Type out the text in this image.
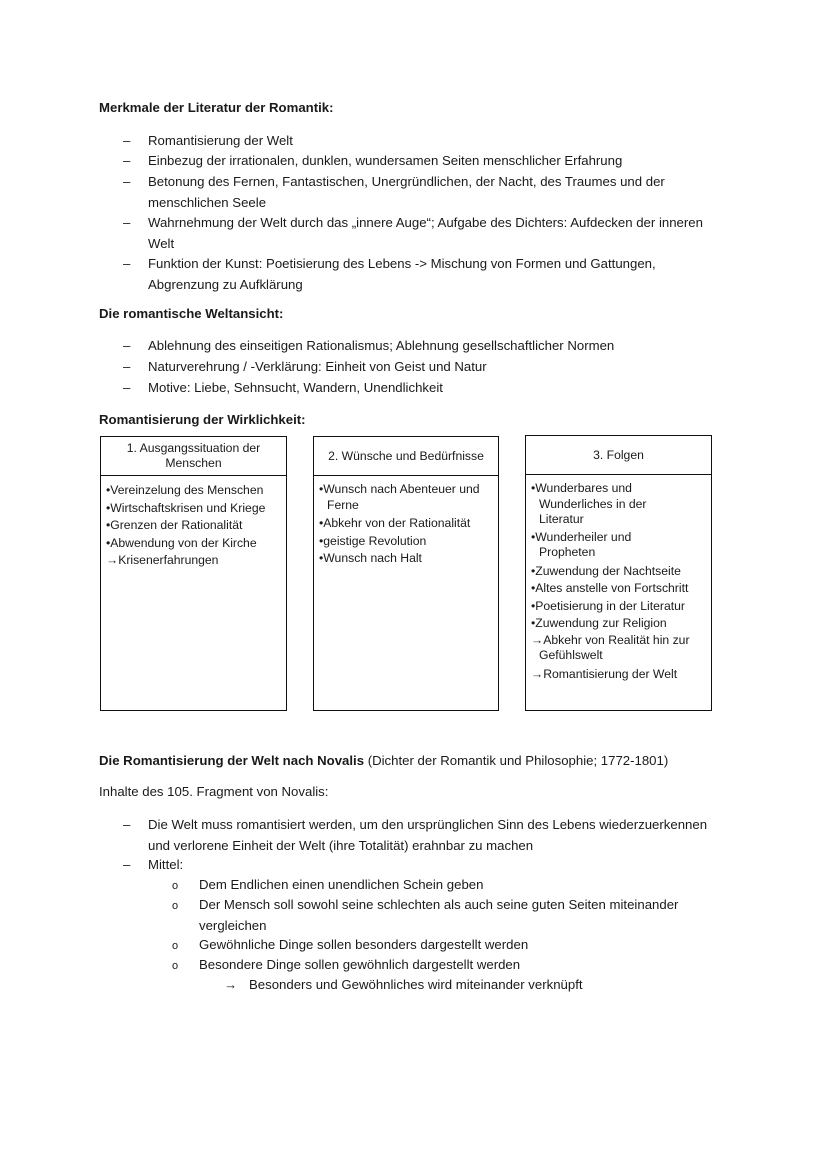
Merkmale der Literatur der Romantik:
– Romantisierung der Welt
– Einbezug der irrationalen, dunklen, wundersamen Seiten menschlicher Erfahrung
– Betonung des Fernen, Fantastischen, Unergründlichen, der Nacht, des Traumes und der menschlichen Seele
– Wahrnehmung der Welt durch das „innere Auge“; Aufgabe des Dichters: Aufdecken der inneren Welt
– Funktion der Kunst: Poetisierung des Lebens -> Mischung von Formen und Gattungen, Abgrenzung zu Aufklärung
Die romantische Weltansicht:
– Ablehnung des einseitigen Rationalismus; Ablehnung gesellschaftlicher Normen
– Naturverehrung / -Verklärung: Einheit von Geist und Natur
– Motive: Liebe, Sehnsucht, Wandern, Unendlichkeit
Romantisierung der Wirklichkeit:
1. Ausgangssituation der Menschen
•Vereinzelung des Menschen
•Wirtschaftskrisen und Kriege
•Grenzen der Rationalität
•Abwendung von der Kirche
→Krisenerfahrungen
2. Wünsche und Bedürfnisse
•Wunsch nach Abenteuer und Ferne
•Abkehr von der Rationalität
•geistige Revolution
•Wunsch nach Halt
3. Folgen
•Wunderbares und Wunderliches in der Literatur
•Wunderheiler und Propheten
•Zuwendung der Nachtseite
•Altes anstelle von Fortschritt
•Poetisierung in der Literatur
•Zuwendung zur Religion
→Abkehr von Realität hin zur Gefühlswelt
→Romantisierung der Welt
Die Romantisierung der Welt nach Novalis (Dichter der Romantik und Philosophie; 1772-1801)
Inhalte des 105. Fragment von Novalis:
– Die Welt muss romantisiert werden, um den ursprünglichen Sinn des Lebens wiederzuerkennen und verlorene Einheit der Welt (ihre Totalität) erahnbar zu machen
– Mittel:
o Dem Endlichen einen unendlichen Schein geben
o Der Mensch soll sowohl seine schlechten als auch seine guten Seiten miteinander vergleichen
o Gewöhnliche Dinge sollen besonders dargestellt werden
o Besondere Dinge sollen gewöhnlich dargestellt werden
→ Besonders und Gewöhnliches wird miteinander verknüpft
